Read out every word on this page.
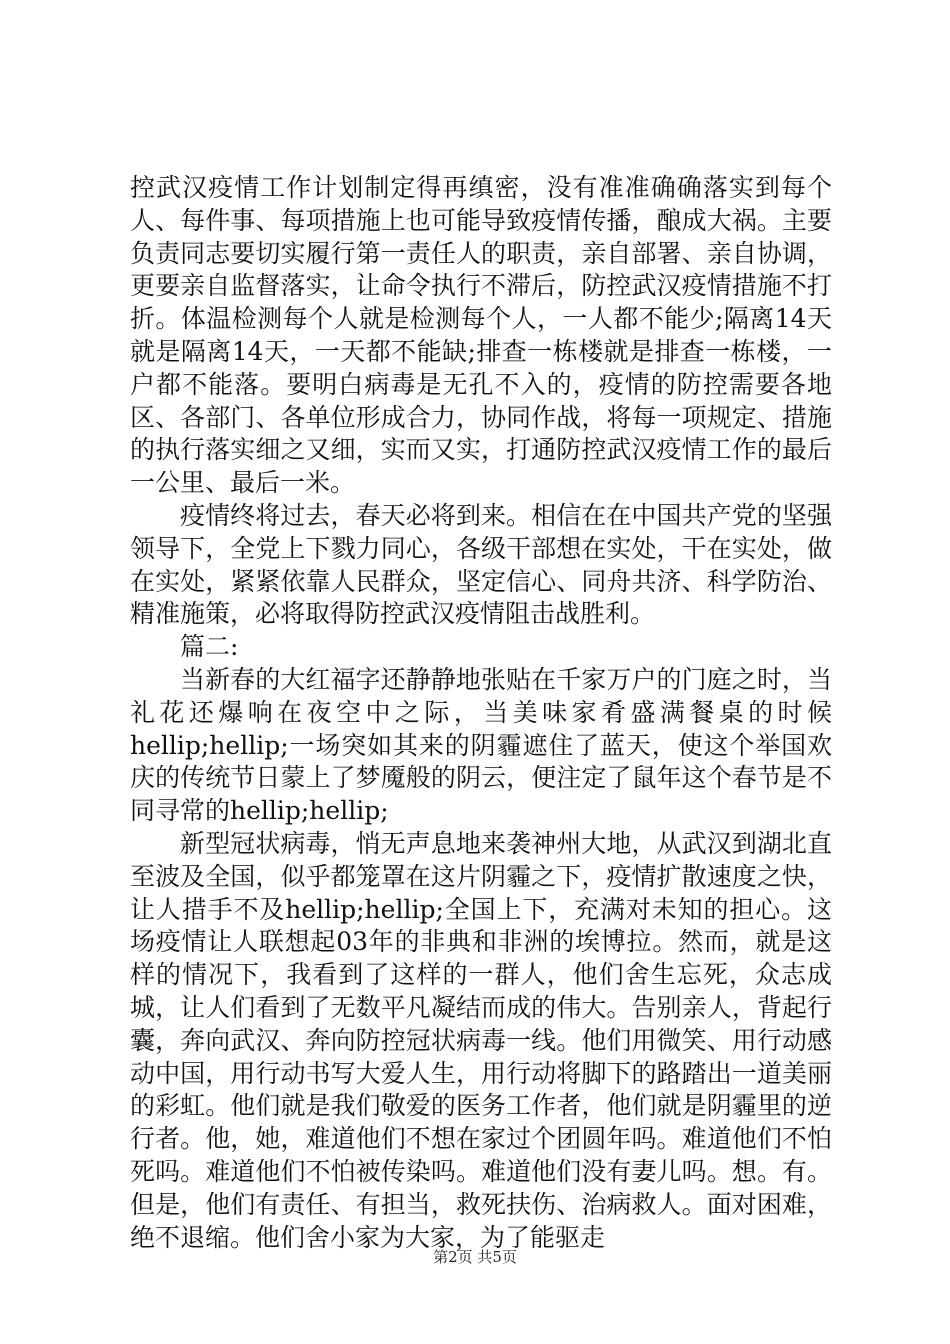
控武汉疫情工作计划制定得再缜密，没有准准确确落实到每个人、每件事、每项措施上也可能导致疫情传播，酿成大祸。主要负责同志要切实履行第一责任人的职责，亲自部署、亲自协调，更要亲自监督落实，让命令执行不滞后，防控武汉疫情措施不打折。体温检测每个人就是检测每个人，一人都不能少;隔离14天就是隔离14天，一天都不能缺;排查一栋楼就是排查一栋楼，一户都不能落。要明白病毒是无孔不入的，疫情的防控需要各地区、各部门、各单位形成合力，协同作战，将每一项规定、措施的执行落实细之又细，实而又实，打通防控武汉疫情工作的最后一公里、最后一米。

疫情终将过去，春天必将到来。相信在在中国共产党的坚强领导下，全党上下戮力同心，各级干部想在实处，干在实处，做在实处，紧紧依靠人民群众，坚定信心、同舟共济、科学防治、精准施策，必将取得防控武汉疫情阻击战胜利。

篇二:

当新春的大红福字还静静地张贴在千家万户的门庭之时，当礼花还爆响在夜空中之际，当美味家肴盛满餐桌的时候hellip;hellip;一场突如其来的阴霾遮住了蓝天，使这个举国欢庆的传统节日蒙上了梦魇般的阴云，便注定了鼠年这个春节是不同寻常的hellip;hellip;

新型冠状病毒，悄无声息地来袭神州大地，从武汉到湖北直至波及全国，似乎都笼罩在这片阴霾之下，疫情扩散速度之快，让人措手不及hellip;hellip;全国上下，充满对未知的担心。这场疫情让人联想起03年的非典和非洲的埃博拉。然而，就是这样的情况下，我看到了这样的一群人，他们舍生忘死，众志成城，让人们看到了无数平凡凝结而成的伟大。告别亲人，背起行囊，奔向武汉、奔向防控冠状病毒一线。他们用微笑、用行动感动中国，用行动书写大爱人生，用行动将脚下的路踏出一道美丽的彩虹。他们就是我们敬爱的医务工作者，他们就是阴霾里的逆行者。他，她，难道他们不想在家过个团圆年吗。难道他们不怕死吗。难道他们不怕被传染吗。难道他们没有妻儿吗。想。有。但是，他们有责任、有担当，救死扶伤、治病救人。面对困难，绝不退缩。他们舍小家为大家，为了能驱走

第2页 共5页
